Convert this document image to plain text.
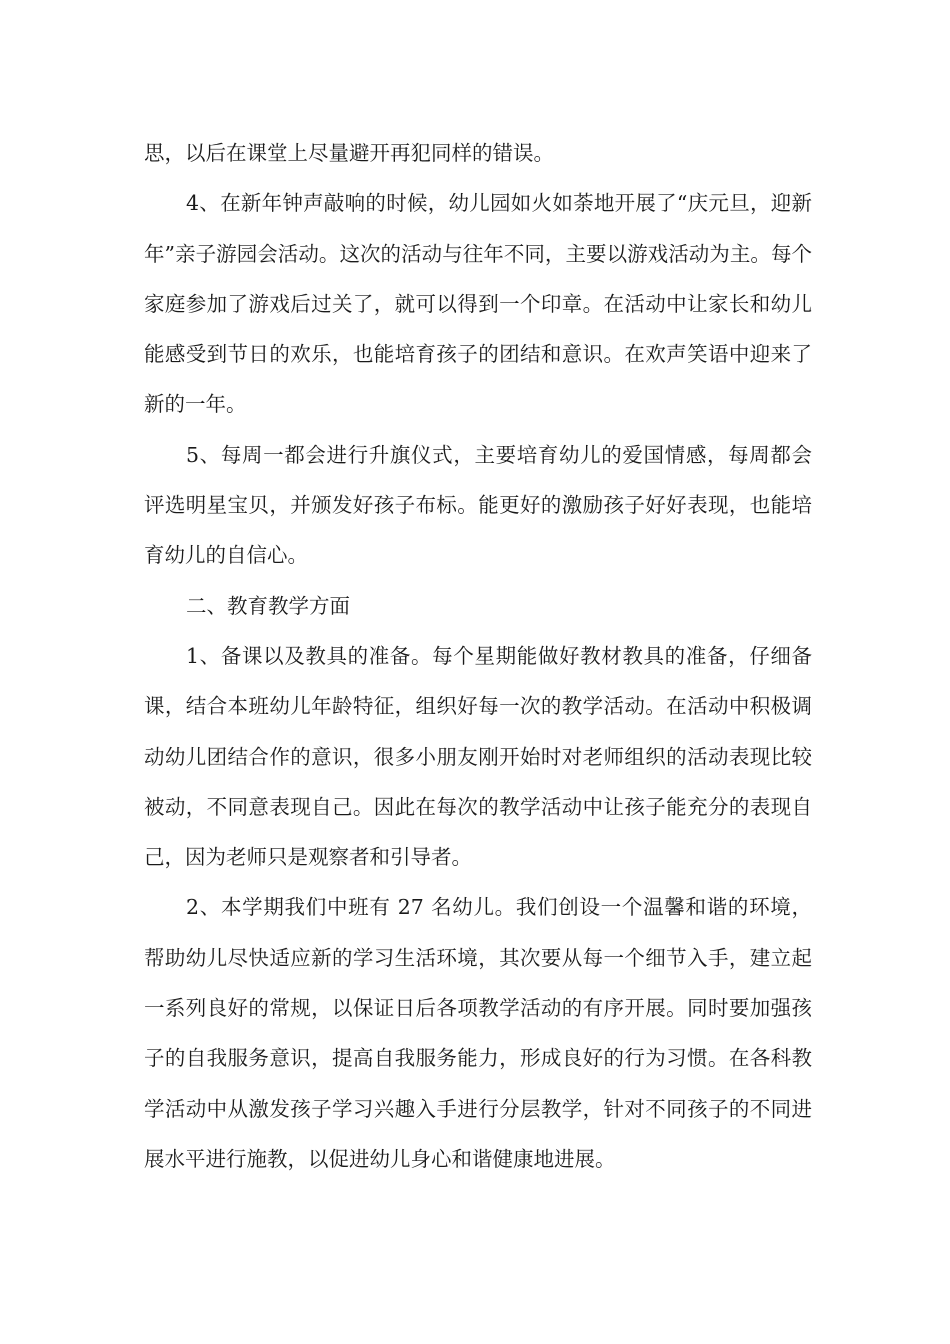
思，以后在课堂上尽量避开再犯同样的错误。

4、在新年钟声敲响的时候，幼儿园如火如荼地开展了“庆元旦，迎新年”亲子游园会活动。这次的活动与往年不同，主要以游戏活动为主。每个家庭参加了游戏后过关了，就可以得到一个印章。在活动中让家长和幼儿能感受到节日的欢乐，也能培育孩子的团结和意识。在欢声笑语中迎来了新的一年。

5、每周一都会进行升旗仪式，主要培育幼儿的爱国情感，每周都会评选明星宝贝，并颁发好孩子布标。能更好的激励孩子好好表现，也能培育幼儿的自信心。

二、教育教学方面

1、备课以及教具的准备。每个星期能做好教材教具的准备，仔细备课，结合本班幼儿年龄特征，组织好每一次的教学活动。在活动中积极调动幼儿团结合作的意识，很多小朋友刚开始时对老师组织的活动表现比较被动，不同意表现自己。因此在每次的教学活动中让孩子能充分的表现自己，因为老师只是观察者和引导者。

2、本学期我们中班有 27 名幼儿。我们创设一个温馨和谐的环境，帮助幼儿尽快适应新的学习生活环境，其次要从每一个细节入手，建立起一系列良好的常规，以保证日后各项教学活动的有序开展。同时要加强孩子的自我服务意识，提高自我服务能力，形成良好的行为习惯。在各科教学活动中从激发孩子学习兴趣入手进行分层教学，针对不同孩子的不同进展水平进行施教，以促进幼儿身心和谐健康地进展。
